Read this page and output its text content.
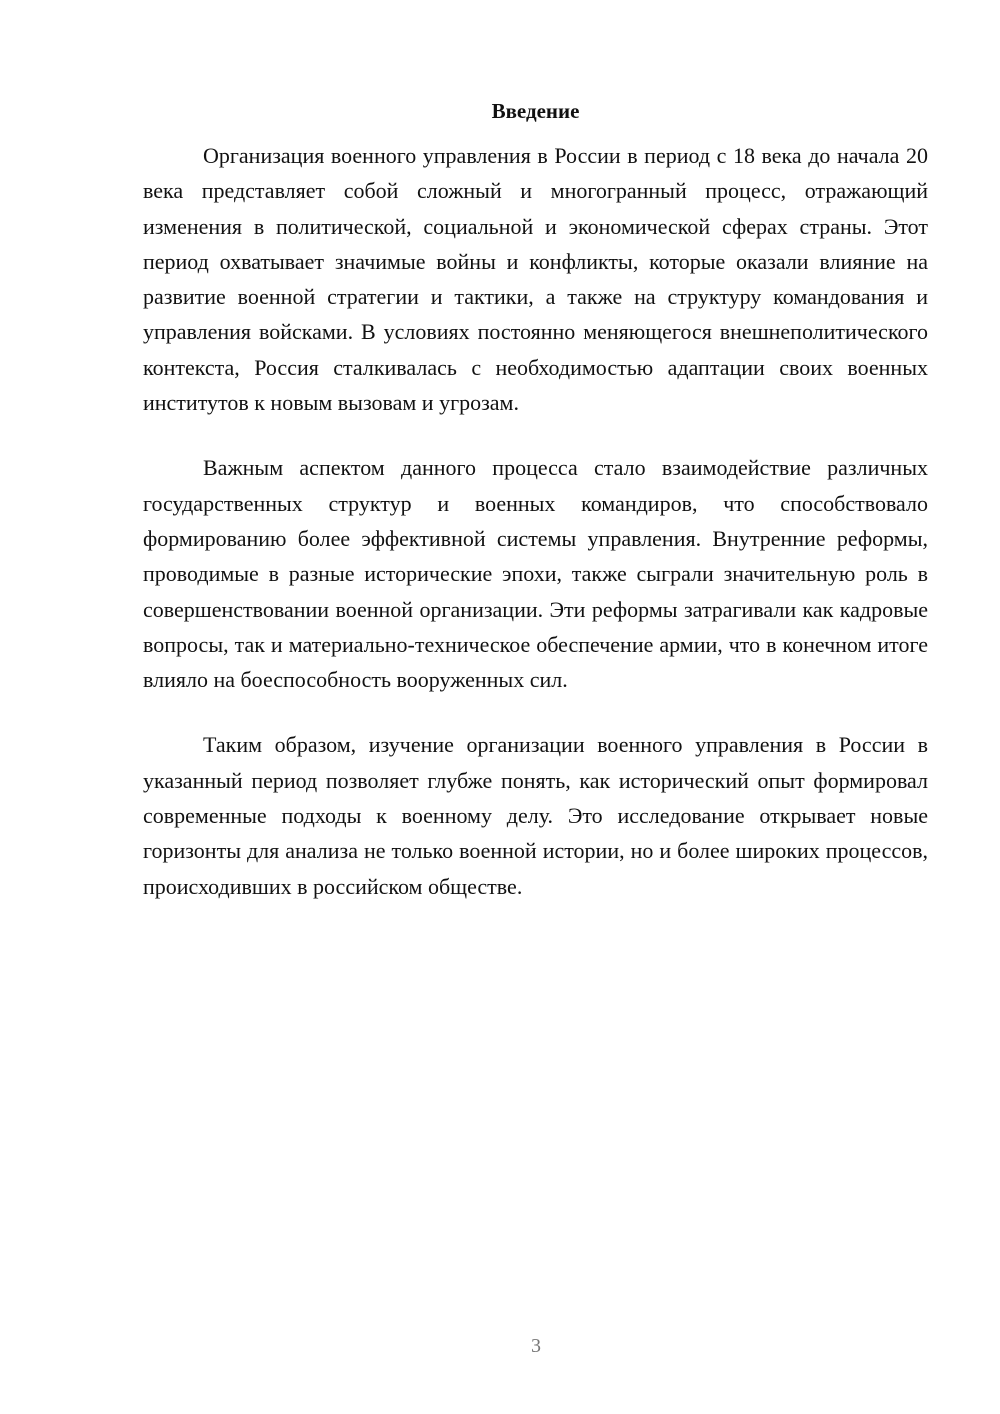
Введение

Организация военного управления в России в период с 18 века до начала 20 века представляет собой сложный и многогранный процесс, отражающий изменения в политической, социальной и экономической сферах страны. Этот период охватывает значимые войны и конфликты, которые оказали влияние на развитие военной стратегии и тактики, а также на структуру командования и управления войсками. В условиях постоянно меняющегося внешнеполитического контекста, Россия сталкивалась с необходимостью адаптации своих военных институтов к новым вызовам и угрозам.

Важным аспектом данного процесса стало взаимодействие различных государственных структур и военных командиров, что способствовало формированию более эффективной системы управления. Внутренние реформы, проводимые в разные исторические эпохи, также сыграли значительную роль в совершенствовании военной организации. Эти реформы затрагивали как кадровые вопросы, так и материально-техническое обеспечение армии, что в конечном итоге влияло на боеспособность вооруженных сил.

Таким образом, изучение организации военного управления в России в указанный период позволяет глубже понять, как исторический опыт формировал современные подходы к военному делу. Это исследование открывает новые горизонты для анализа не только военной истории, но и более широких процессов, происходивших в российском обществе.

3
